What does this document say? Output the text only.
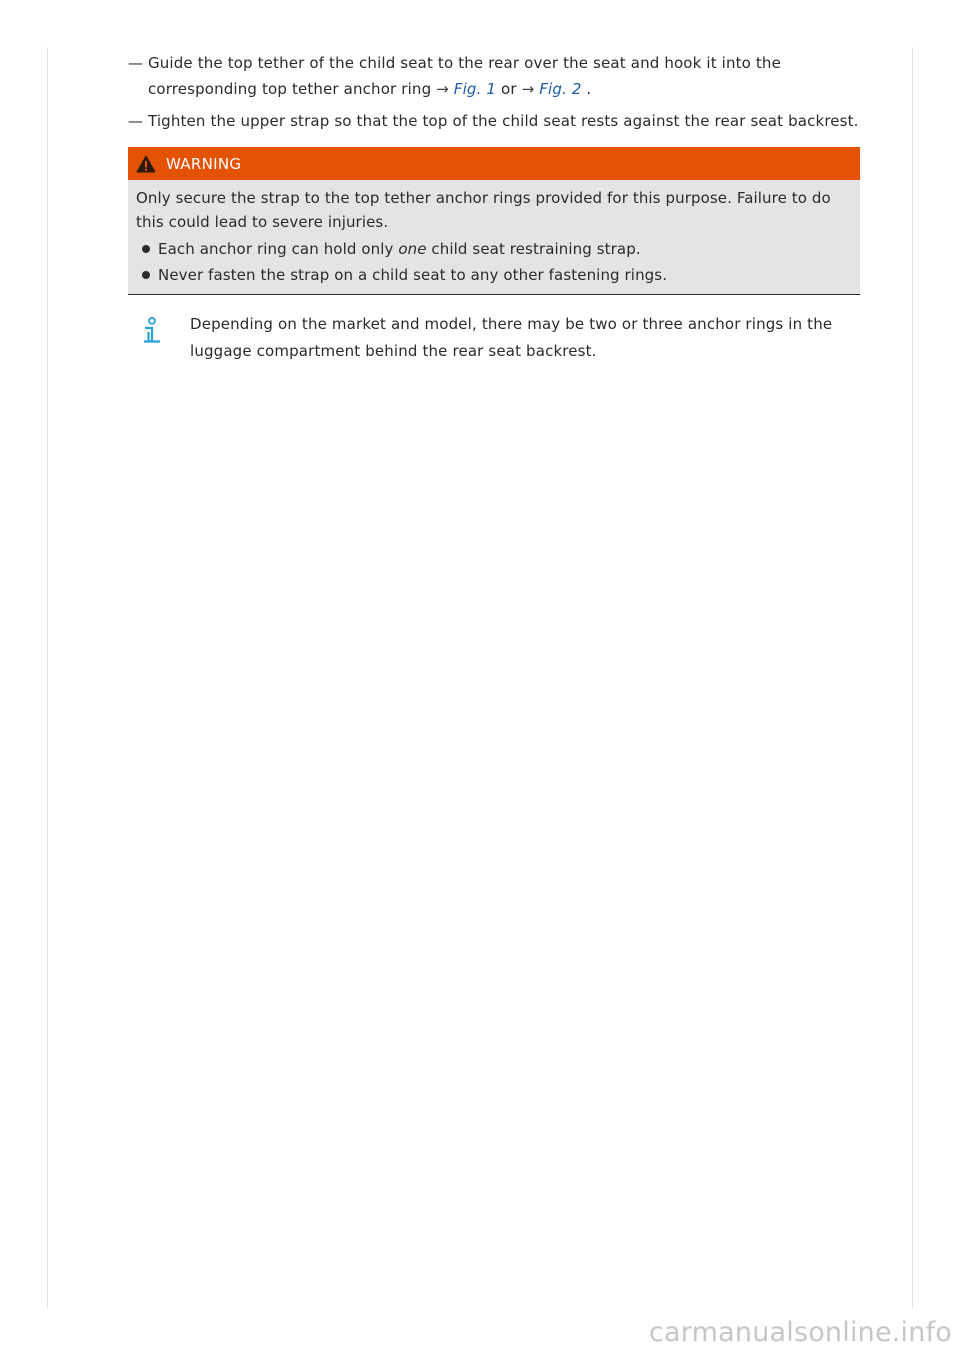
— Guide the top tether of the child seat to the rear over the seat and hook it into the
corresponding top tether anchor ring → Fig. 1 or → Fig. 2 .
— Tighten the upper strap so that the top of the child seat rests against the rear seat backrest.
WARNING
Only secure the strap to the top tether anchor rings provided for this purpose. Failure to do this could lead to severe injuries.
Each anchor ring can hold only one child seat restraining strap.
Never fasten the strap on a child seat to any other fastening rings.
Depending on the market and model, there may be two or three anchor rings in the luggage compartment behind the rear seat backrest.
carmanualsonline.info
